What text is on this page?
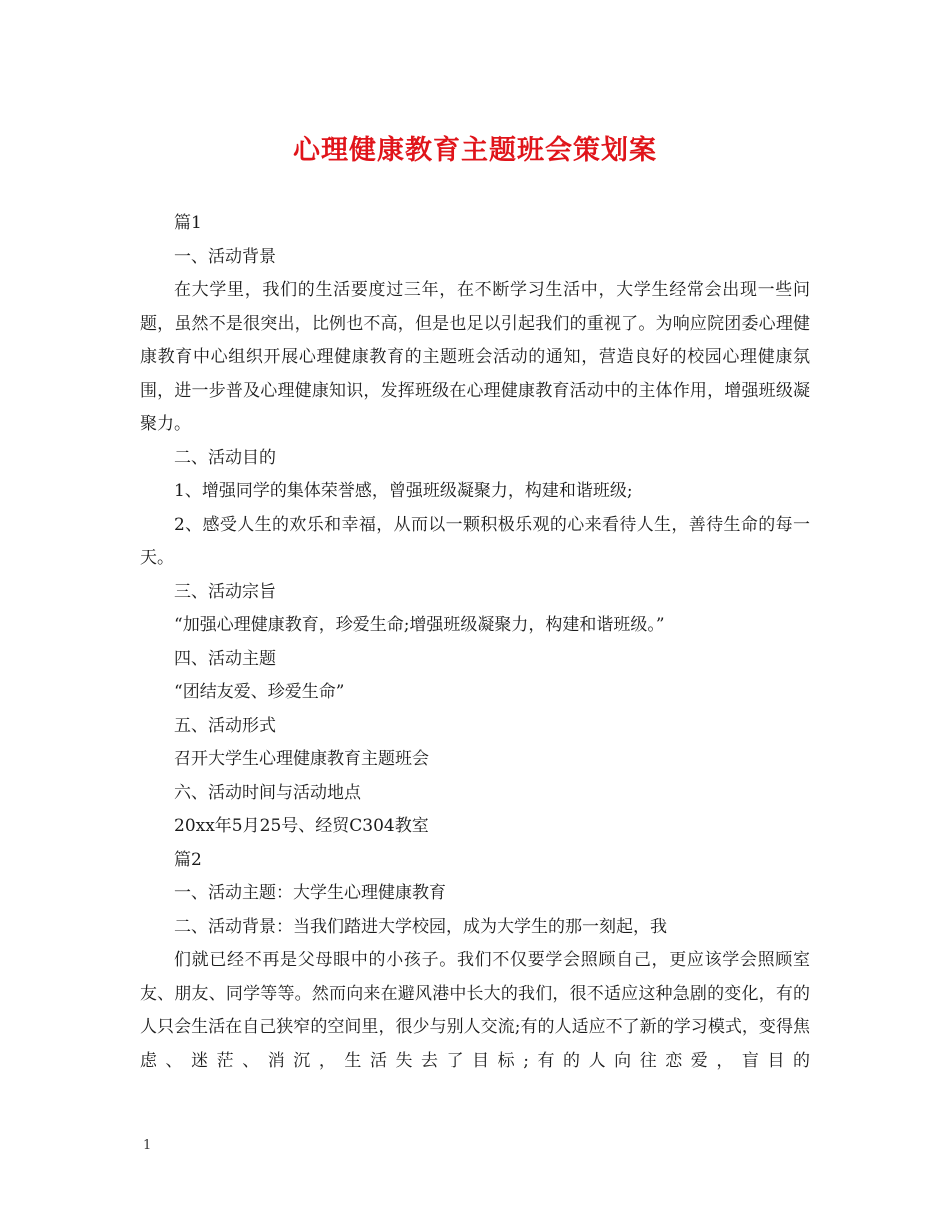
心理健康教育主题班会策划案

篇1

一、活动背景

在大学里，我们的生活要度过三年，在不断学习生活中，大学生经常会出现一些问题，虽然不是很突出，比例也不高，但是也足以引起我们的重视了。为响应院团委心理健康教育中心组织开展心理健康教育的主题班会活动的通知，营造良好的校园心理健康氛围，进一步普及心理健康知识，发挥班级在心理健康教育活动中的主体作用，增强班级凝聚力。

二、活动目的

1、增强同学的集体荣誉感，曾强班级凝聚力，构建和谐班级;

2、感受人生的欢乐和幸福，从而以一颗积极乐观的心来看待人生，善待生命的每一天。

三、活动宗旨

“加强心理健康教育，珍爱生命;增强班级凝聚力，构建和谐班级。”

四、活动主题

“团结友爱、珍爱生命”

五、活动形式

召开大学生心理健康教育主题班会

六、活动时间与活动地点

20xx年5月25号、经贸C304教室

篇2

一、活动主题：大学生心理健康教育

二、活动背景：当我们踏进大学校园，成为大学生的那一刻起，我

们就已经不再是父母眼中的小孩子。我们不仅要学会照顾自己，更应该学会照顾室友、朋友、同学等等。然而向来在避风港中长大的我们，很不适应这种急剧的变化，有的人只会生活在自己狭窄的空间里，很少与别人交流;有的人适应不了新的学习模式，变得焦虑、迷茫、消沉，生活失去了目标;有的人向往恋爱，盲目的

1
